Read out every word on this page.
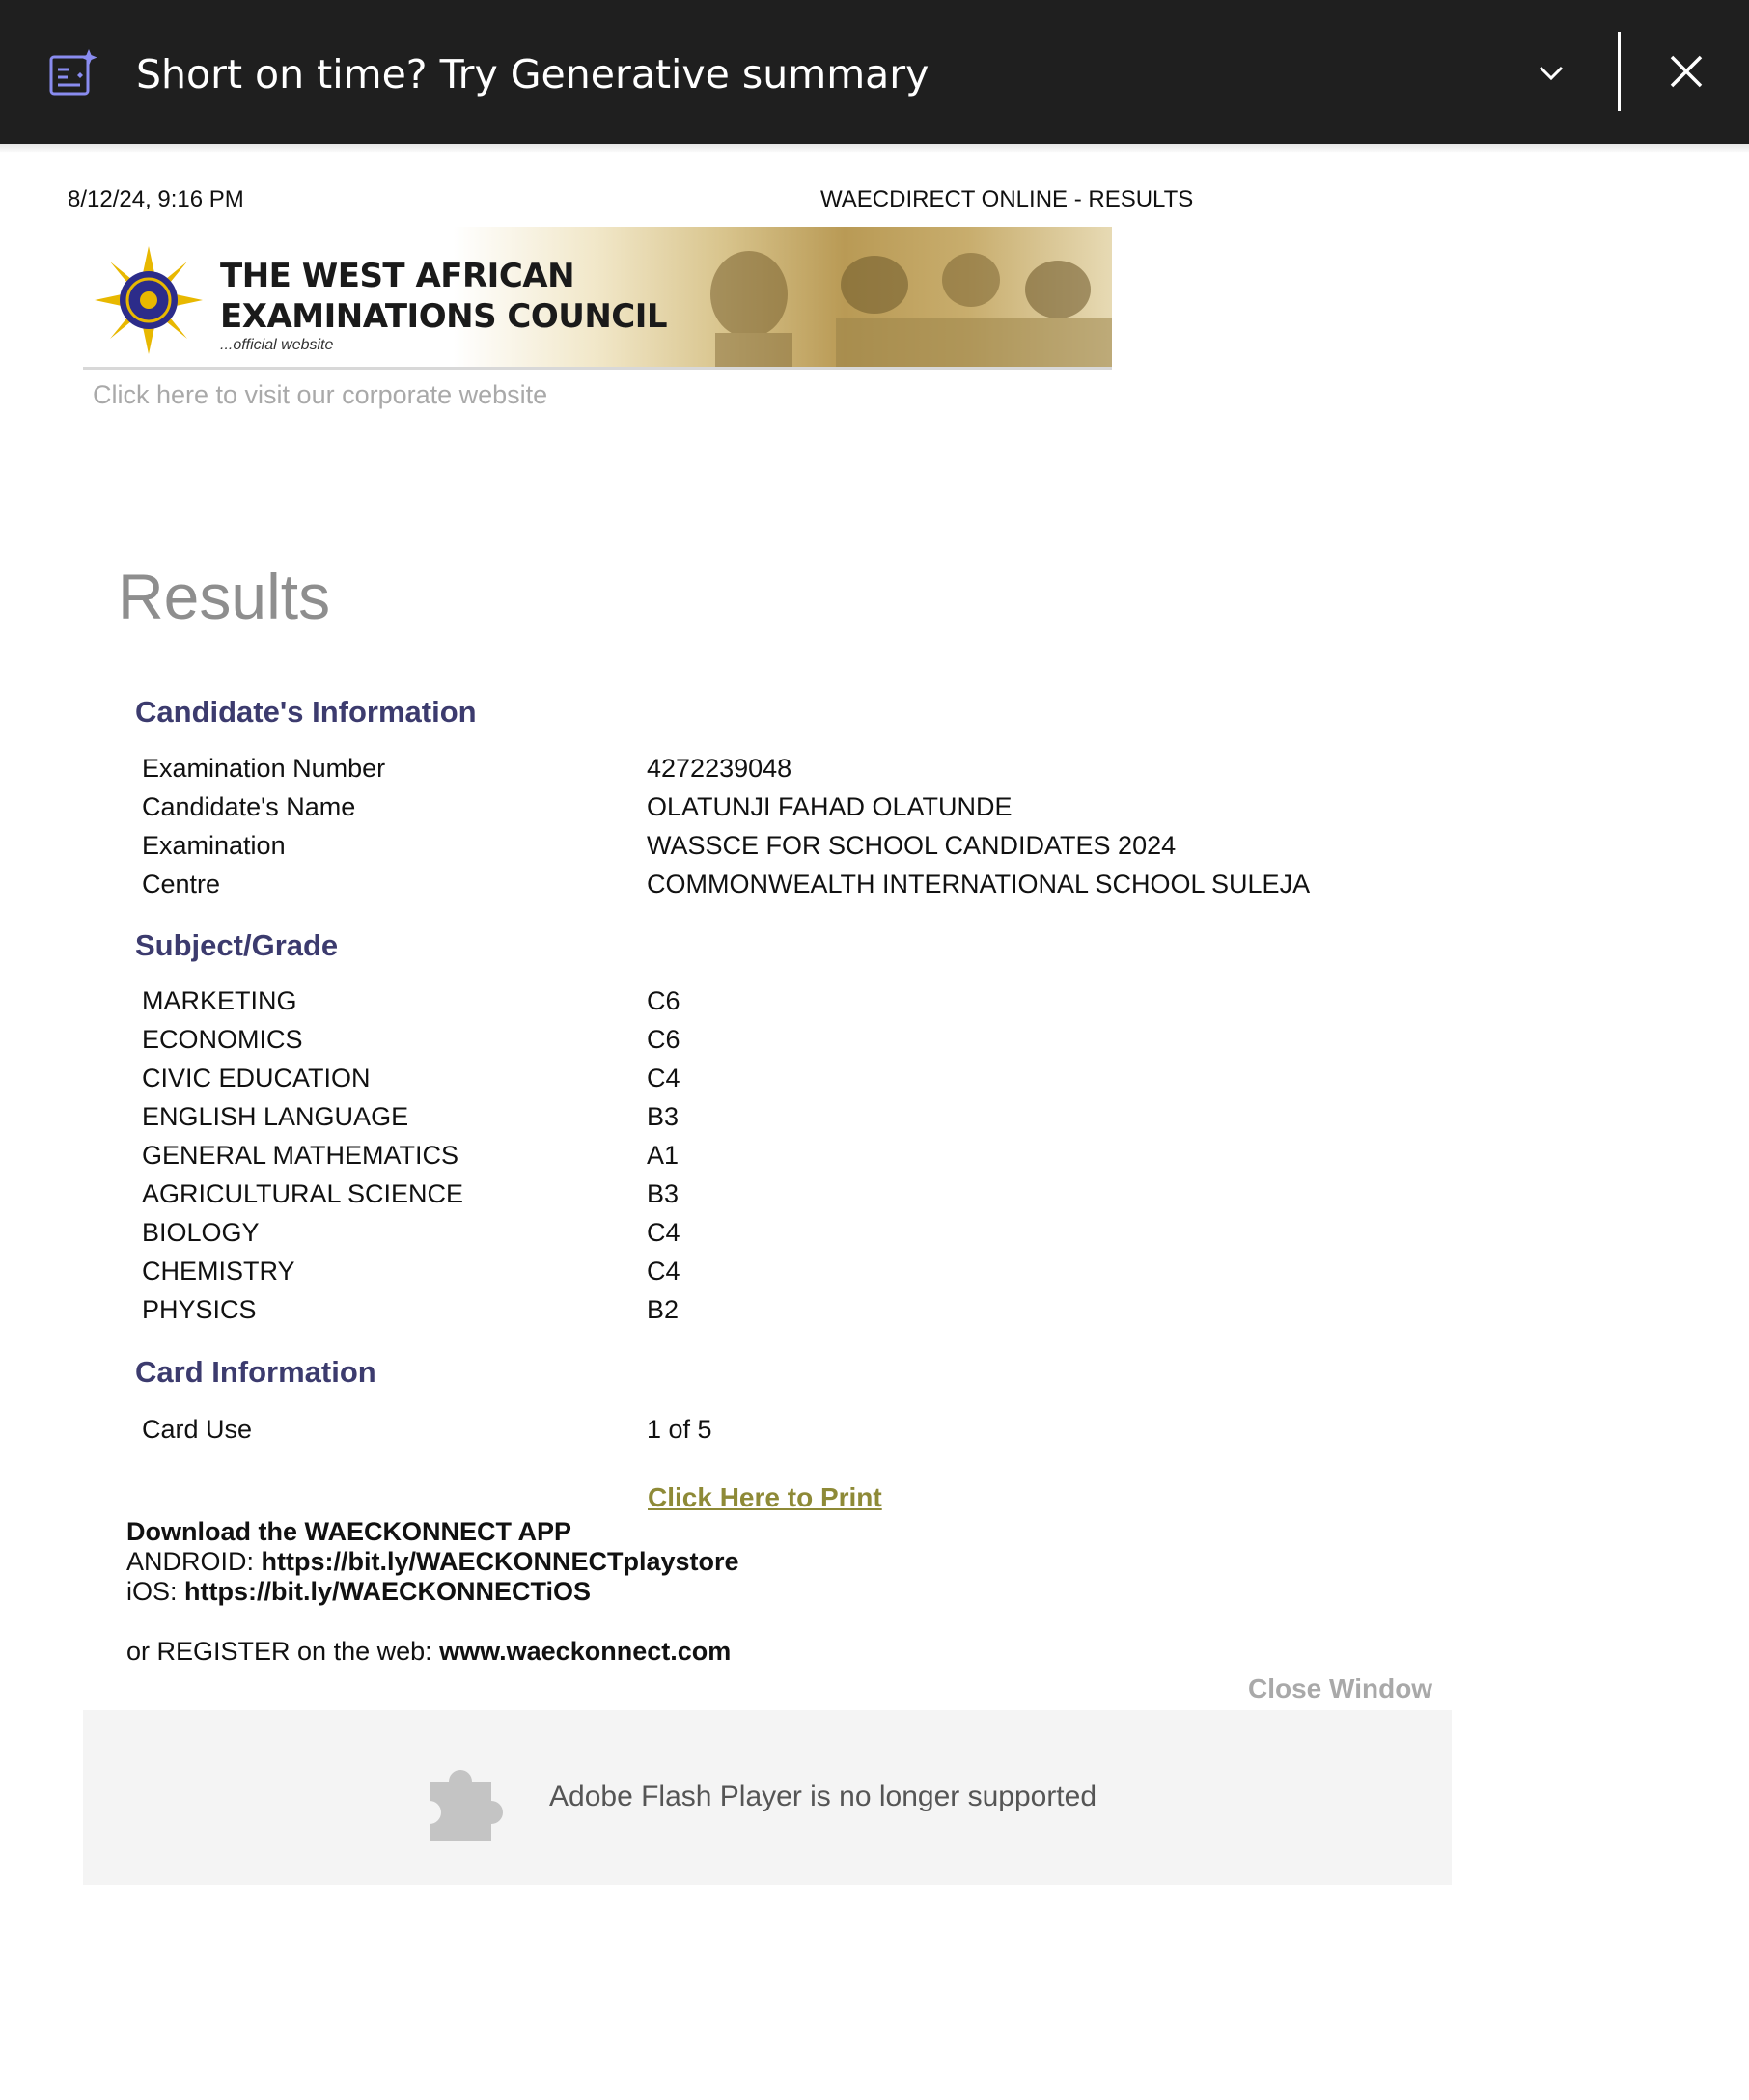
Short on time? Try Generative summary
8/12/24, 9:16 PM	WAECDIRECT ONLINE - RESULTS
THE WEST AFRICAN
EXAMINATIONS COUNCIL
...official website
Click here to visit our corporate website
Results
Candidate's Information
Examination Number	4272239048
Candidate's Name	OLATUNJI FAHAD OLATUNDE
Examination	WASSCE FOR SCHOOL CANDIDATES 2024
Centre	COMMONWEALTH INTERNATIONAL SCHOOL SULEJA
Subject/Grade
MARKETING	C6
ECONOMICS	C6
CIVIC EDUCATION	C4
ENGLISH LANGUAGE	B3
GENERAL MATHEMATICS	A1
AGRICULTURAL SCIENCE	B3
BIOLOGY	C4
CHEMISTRY	C4
PHYSICS	B2
Card Information
Card Use	1 of 5
Click Here to Print
Download the WAECKONNECT APP
ANDROID: https://bit.ly/WAECKONNECTplaystore
iOS: https://bit.ly/WAECKONNECTiOS
or REGISTER on the web: www.waeckonnect.com
Close Window
Adobe Flash Player is no longer supported
